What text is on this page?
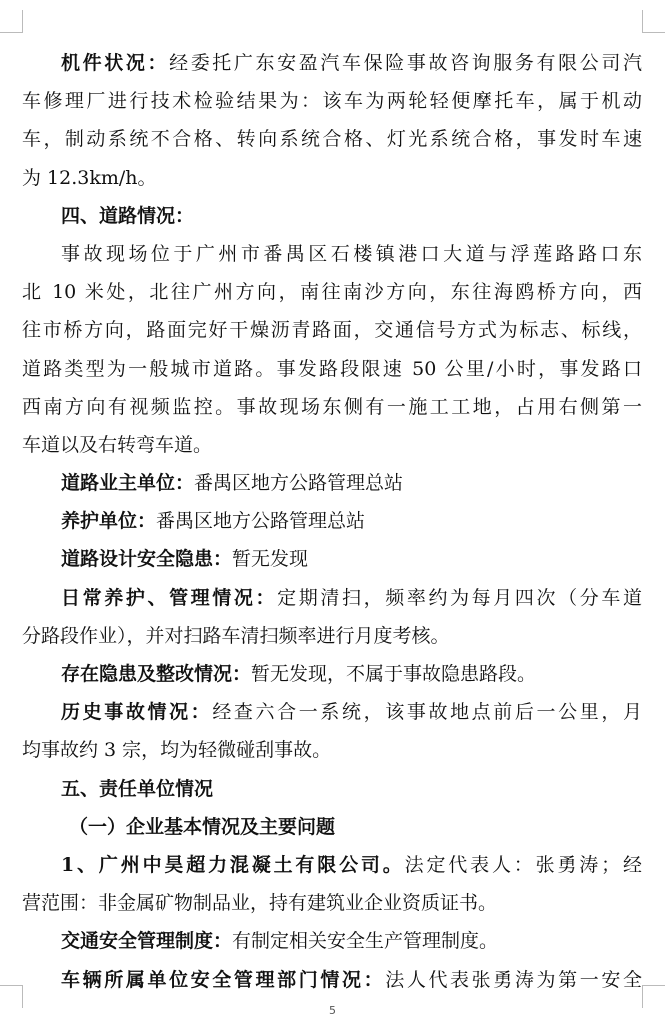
机件状况：经委托广东安盈汽车保险事故咨询服务有限公司汽
车修理厂进行技术检验结果为：该车为两轮轻便摩托车，属于机动
车，制动系统不合格、转向系统合格、灯光系统合格，事发时车速
为 12.3km/h。
四、道路情况：
事故现场位于广州市番禺区石楼镇港口大道与浮莲路路口东
北 10 米处，北往广州方向，南往南沙方向，东往海鸥桥方向，西
往市桥方向，路面完好干燥沥青路面，交通信号方式为标志、标线，
道路类型为一般城市道路。事发路段限速 50 公里/小时，事发路口
西南方向有视频监控。事故现场东侧有一施工工地，占用右侧第一
车道以及右转弯车道。
道路业主单位：番禺区地方公路管理总站
养护单位：番禺区地方公路管理总站
道路设计安全隐患：暂无发现
日常养护、管理情况：定期清扫，频率约为每月四次（分车道
分路段作业），并对扫路车清扫频率进行月度考核。
存在隐患及整改情况：暂无发现，不属于事故隐患路段。
历史事故情况：经查六合一系统，该事故地点前后一公里，月
均事故约 3 宗，均为轻微碰刮事故。
五、责任单位情况
（一）企业基本情况及主要问题
1、广州中昊超力混凝土有限公司。法定代表人：张勇涛；经
营范围：非金属矿物制品业，持有建筑业企业资质证书。
交通安全管理制度：有制定相关安全生产管理制度。
车辆所属单位安全管理部门情况：法人代表张勇涛为第一安全
5
